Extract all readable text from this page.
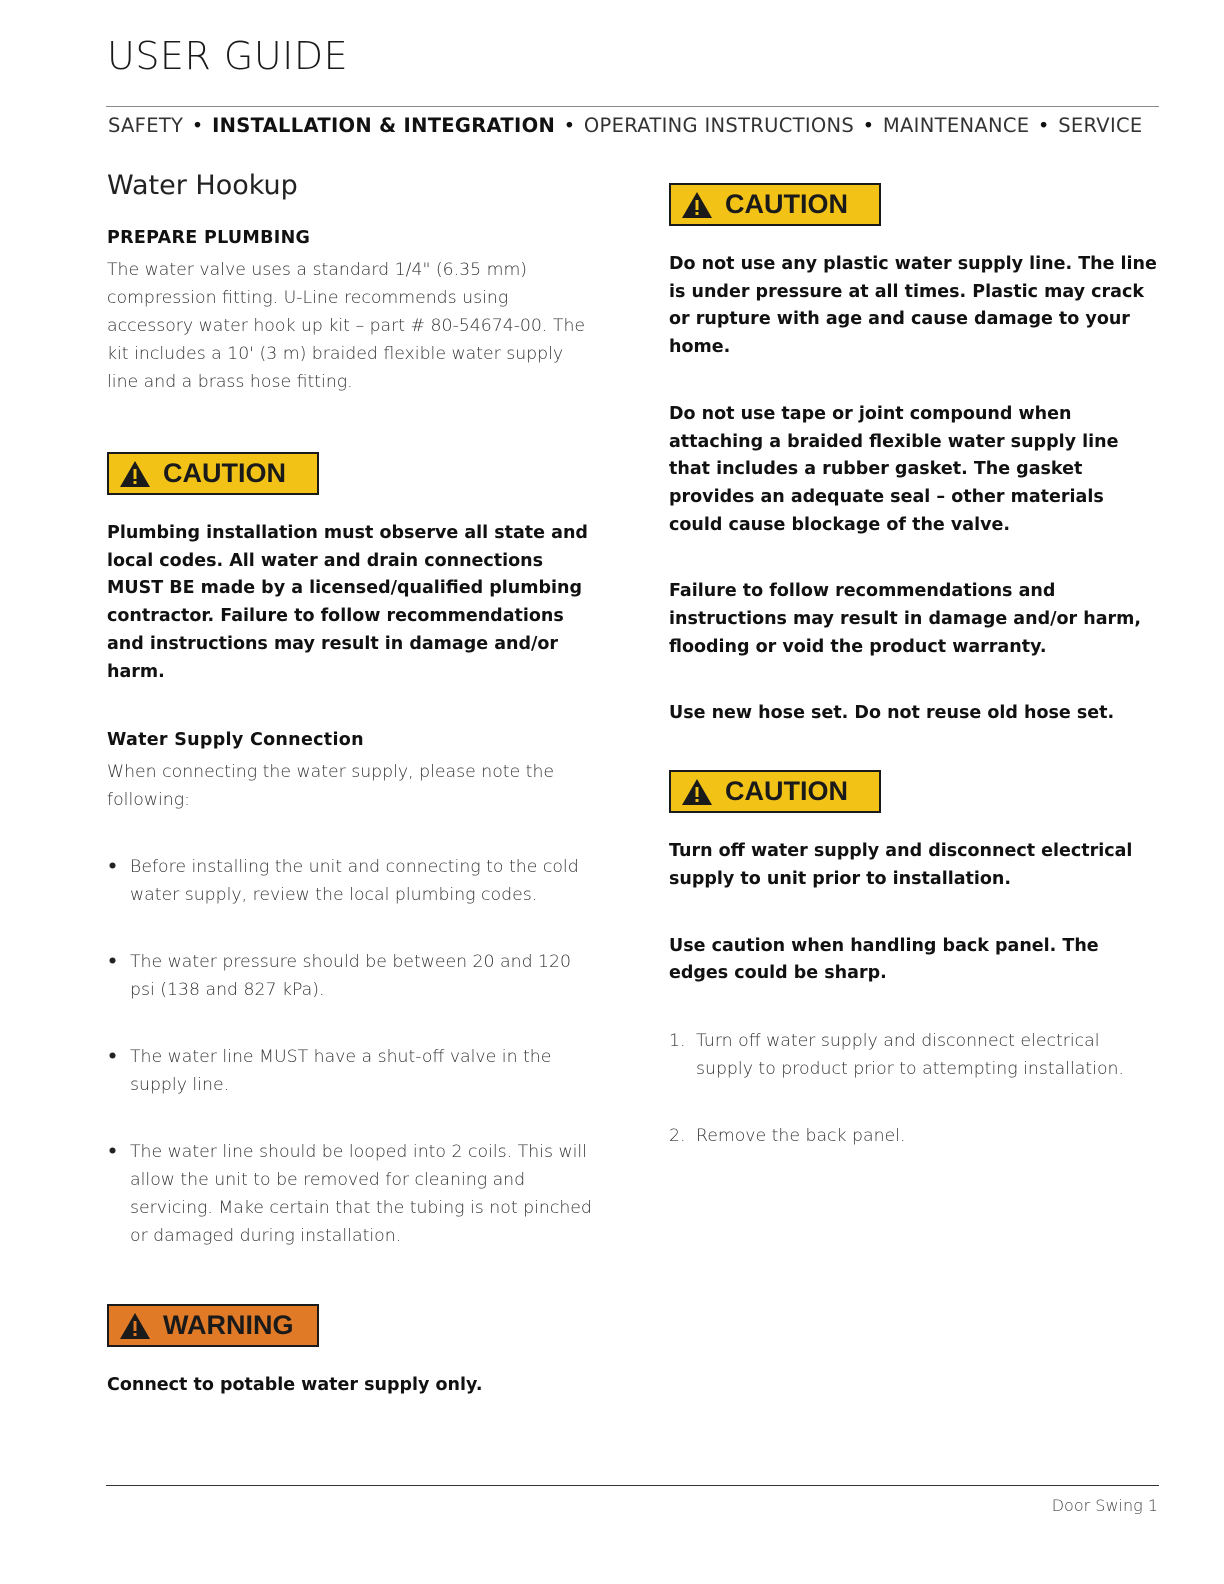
USER GUIDE
SAFETY • INSTALLATION & INTEGRATION • OPERATING INSTRUCTIONS • MAINTENANCE • SERVICE
Water Hookup
PREPARE PLUMBING

The water valve uses a standard 1/4" (6.35 mm) compression fitting. U-Line recommends using accessory water hook up kit – part # 80-54674-00. The kit includes a 10' (3 m) braided flexible water supply line and a brass hose fitting.

CAUTION

Plumbing installation must observe all state and local codes. All water and drain connections MUST BE made by a licensed/qualified plumbing contractor. Failure to follow recommendations and instructions may result in damage and/or harm.

Water Supply Connection

When connecting the water supply, please note the following:

• Before installing the unit and connecting to the cold water supply, review the local plumbing codes.
• The water pressure should be between 20 and 120 psi (138 and 827 kPa).
• The water line MUST have a shut-off valve in the supply line.
• The water line should be looped into 2 coils. This will allow the unit to be removed for cleaning and servicing. Make certain that the tubing is not pinched or damaged during installation.
WARNING

Connect to potable water supply only.

CAUTION

Do not use any plastic water supply line. The line is under pressure at all times. Plastic may crack or rupture with age and cause damage to your home.

Do not use tape or joint compound when attaching a braided flexible water supply line that includes a rubber gasket. The gasket provides an adequate seal – other materials could cause blockage of the valve.

Failure to follow recommendations and instructions may result in damage and/or harm, flooding or void the product warranty.

Use new hose set. Do not reuse old hose set.

CAUTION

Turn off water supply and disconnect electrical supply to unit prior to installation.

Use caution when handling back panel. The edges could be sharp.

1. Turn off water supply and disconnect electrical supply to product prior to attempting installation.
2. Remove the back panel.
Door Swing 1
